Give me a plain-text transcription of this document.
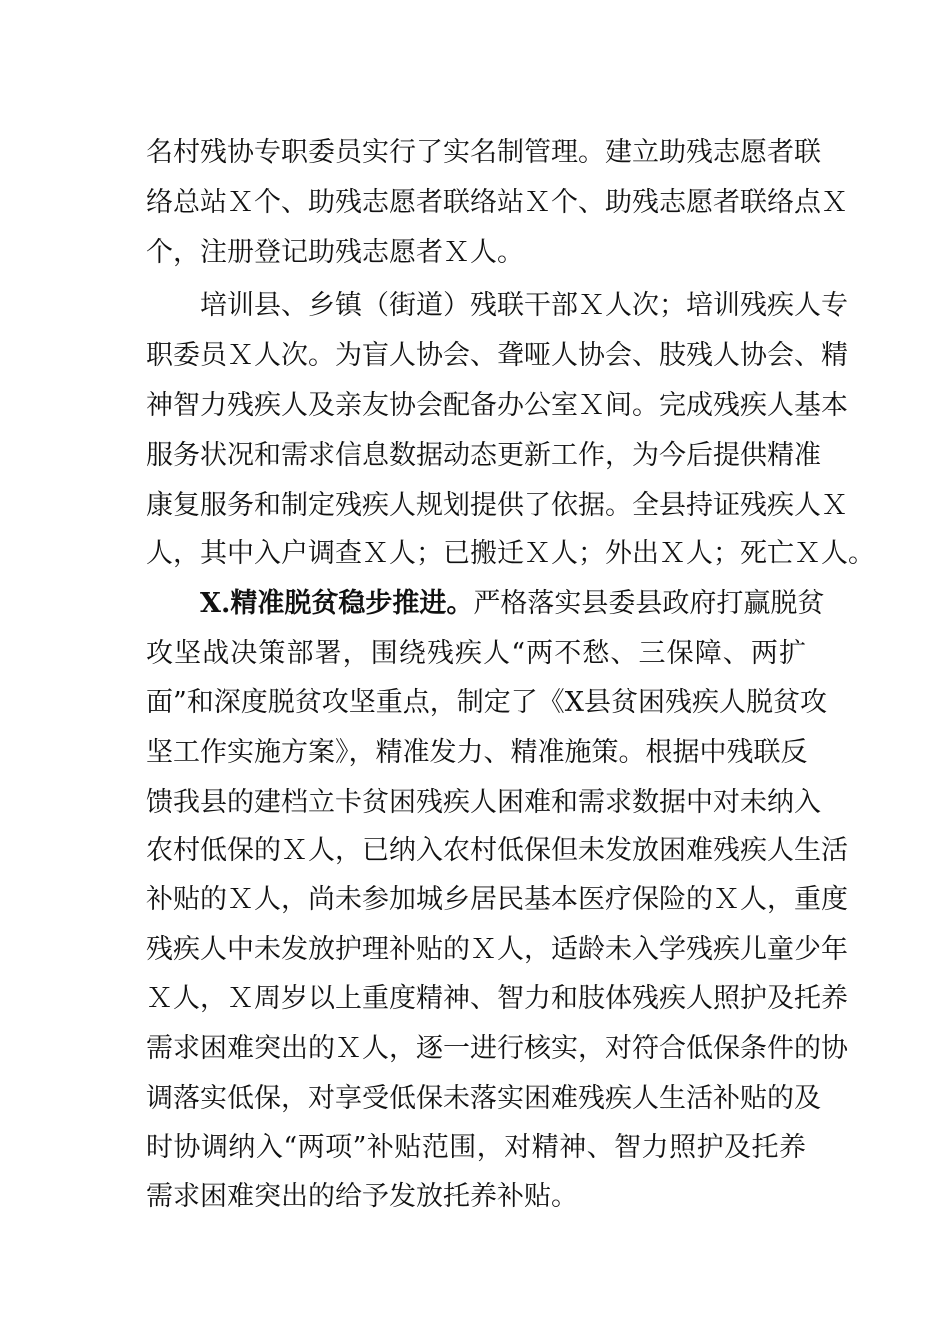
名村残协专职委员实行了实名制管理。建立助残志愿者联
络总站Ｘ个、助残志愿者联络站Ｘ个、助残志愿者联络点Ｘ
个，注册登记助残志愿者Ｘ人。
培训县、乡镇（街道）残联干部Ｘ人次；培训残疾人专
职委员Ｘ人次。为盲人协会、聋哑人协会、肢残人协会、精
神智力残疾人及亲友协会配备办公室Ｘ间。完成残疾人基本
服务状况和需求信息数据动态更新工作，为今后提供精准
康复服务和制定残疾人规划提供了依据。全县持证残疾人Ｘ
人，其中入户调查Ｘ人；已搬迁Ｘ人；外出Ｘ人；死亡Ｘ人。
X.精准脱贫稳步推进。严格落实县委县政府打赢脱贫
攻坚战决策部署，围绕残疾人“两不愁、三保障、两扩
面”和深度脱贫攻坚重点，制定了《X县贫困残疾人脱贫攻
坚工作实施方案》，精准发力、精准施策。根据中残联反
馈我县的建档立卡贫困残疾人困难和需求数据中对未纳入
农村低保的Ｘ人，已纳入农村低保但未发放困难残疾人生活
补贴的Ｘ人，尚未参加城乡居民基本医疗保险的Ｘ人，重度
残疾人中未发放护理补贴的Ｘ人，适龄未入学残疾儿童少年
Ｘ人，Ｘ周岁以上重度精神、智力和肢体残疾人照护及托养
需求困难突出的Ｘ人，逐一进行核实，对符合低保条件的协
调落实低保，对享受低保未落实困难残疾人生活补贴的及
时协调纳入“两项”补贴范围，对精神、智力照护及托养
需求困难突出的给予发放托养补贴。
